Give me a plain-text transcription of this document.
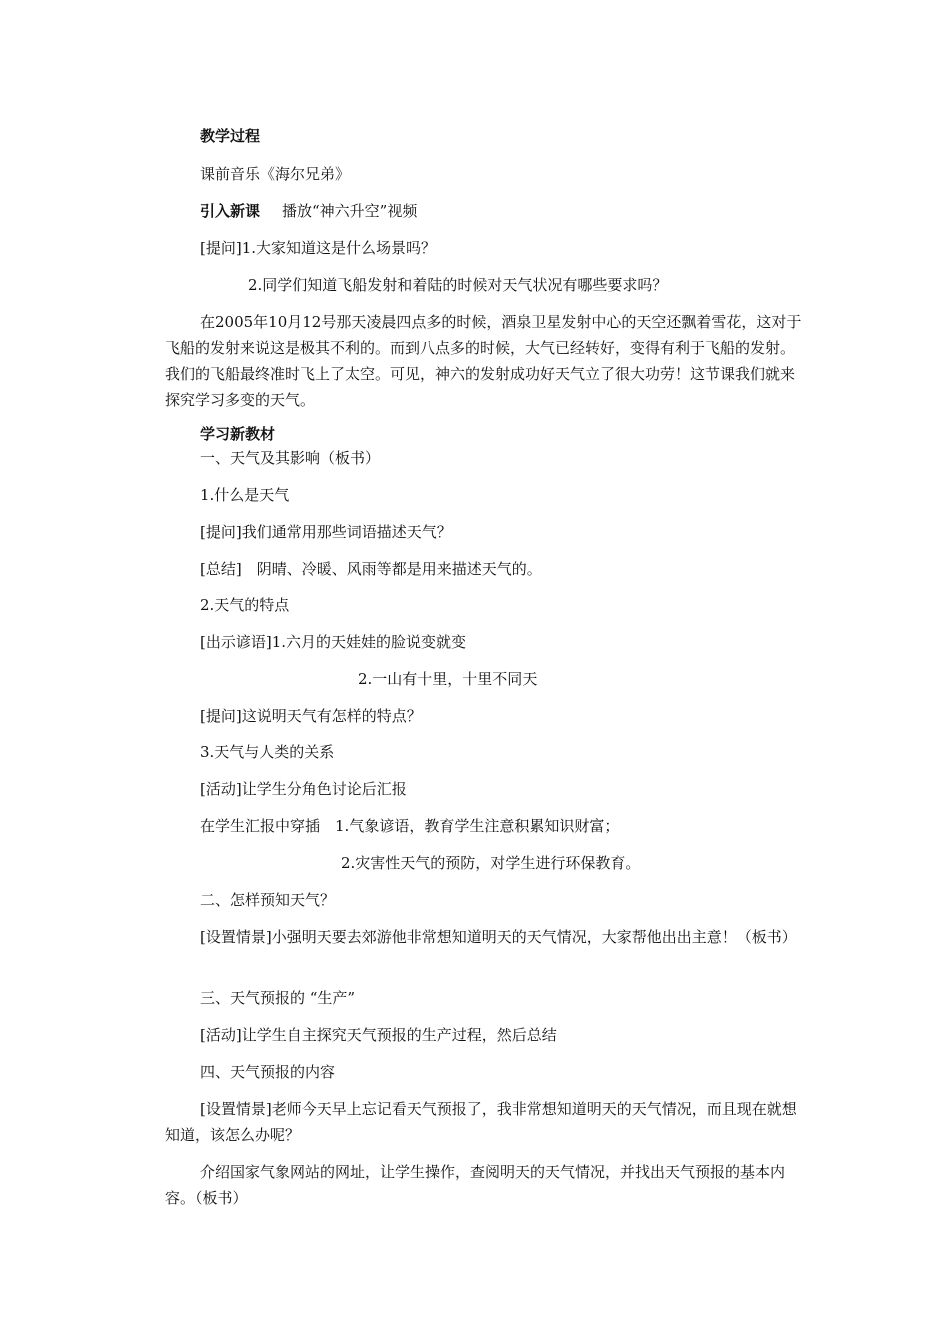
教学过程
课前音乐《海尔兄弟》
引入新课 播放“神六升空”视频
[提问]1.大家知道这是什么场景吗？
2.同学们知道飞船发射和着陆的时候对天气状况有哪些要求吗？
在2005年10月12号那天凌晨四点多的时候，酒泉卫星发射中心的天空还飘着雪花，这对于飞船的发射来说这是极其不利的。而到八点多的时候，大气已经转好，变得有利于飞船的发射。我们的飞船最终准时飞上了太空。可见，神六的发射成功好天气立了很大功劳！这节课我们就来探究学习多变的天气。
学习新教材
一、天气及其影响（板书）
1.什么是天气
[提问]我们通常用那些词语描述天气？
[总结]　阴晴、冷暖、风雨等都是用来描述天气的。
2.天气的特点
[出示谚语]1.六月的天娃娃的脸说变就变
2.一山有十里，十里不同天
[提问]这说明天气有怎样的特点？
3.天气与人类的关系
[活动]让学生分角色讨论后汇报
在学生汇报中穿插　1.气象谚语，教育学生注意积累知识财富；
2.灾害性天气的预防，对学生进行环保教育。
二、怎样预知天气？
[设置情景]小强明天要去郊游他非常想知道明天的天气情况，大家帮他出出主意！（板书）
三、天气预报的 “生产”
[活动]让学生自主探究天气预报的生产过程，然后总结
四、天气预报的内容
[设置情景]老师今天早上忘记看天气预报了，我非常想知道明天的天气情况，而且现在就想知道，该怎么办呢？
介绍国家气象网站的网址，让学生操作，查阅明天的天气情况，并找出天气预报的基本内容。（板书）
